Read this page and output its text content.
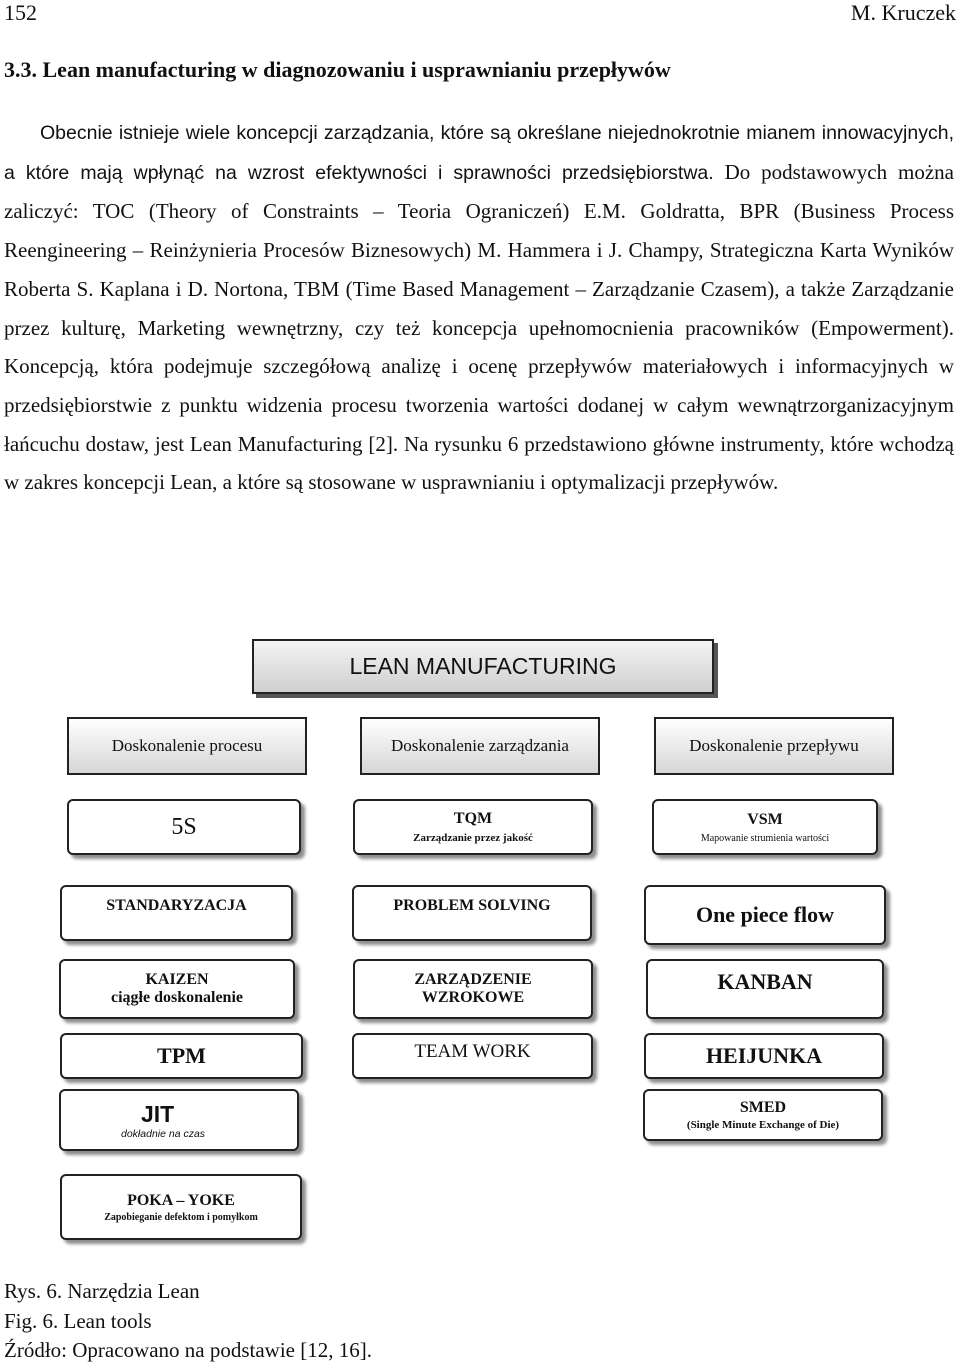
152	M. Kruczek
3.3. Lean manufacturing w diagnozowaniu i usprawnianiu przepływów
Obecnie istnieje wiele koncepcji zarządzania, które są określane niejednokrotnie mianem innowacyjnych, a które mają wpłynąć na wzrost efektywności i sprawności przedsiębiorstwa. Do podstawowych można zaliczyć: TOC (Theory of Constraints – Teoria Ograniczeń) E.M. Goldratta, BPR (Business Process Reengineering – Reinżynieria Procesów Biznesowych) M. Hammera i J. Champy, Strategiczna Karta Wyników Roberta S. Kaplana i D. Nortona, TBM (Time Based Management – Zarządzanie Czasem), a także Zarządzanie przez kulturę, Marketing wewnętrzny, czy też koncepcja upełnomocnienia pracowników (Empowerment). Koncepcją, która podejmuje szczegółową analizę i ocenę przepływów materiałowych i informacyjnych w przedsiębiorstwie z punktu widzenia procesu tworzenia wartości dodanej w całym wewnątrzorganizacyjnym łańcuchu dostaw, jest Lean Manufacturing [2]. Na rysunku 6 przedstawiono główne instrumenty, które wchodzą w zakres koncepcji Lean, a które są stosowane w usprawnianiu i optymalizacji przepływów.
LEAN MANUFACTURING
Doskonalenie procesu	Doskonalenie zarządzania	Doskonalenie przepływu
5S	TQM
Zarządzanie przez jakość
VSM
Mapowanie strumienia wartości
STANDARYZACJA	PROBLEM SOLVING	One piece flow
KAIZEN
ciągłe doskonalenie
ZARZĄDZENIE
WZROKOWE
KANBAN
TPM	TEAM WORK	HEIJUNKA
JIT
dokładnie na czas
SMED
(Single Minute Exchange of Die)
POKA – YOKE
Zapobieganie defektom i pomyłkom
Rys. 6. Narzędzia Lean
Fig. 6. Lean tools
Źródło: Opracowano na podstawie [12, 16].
